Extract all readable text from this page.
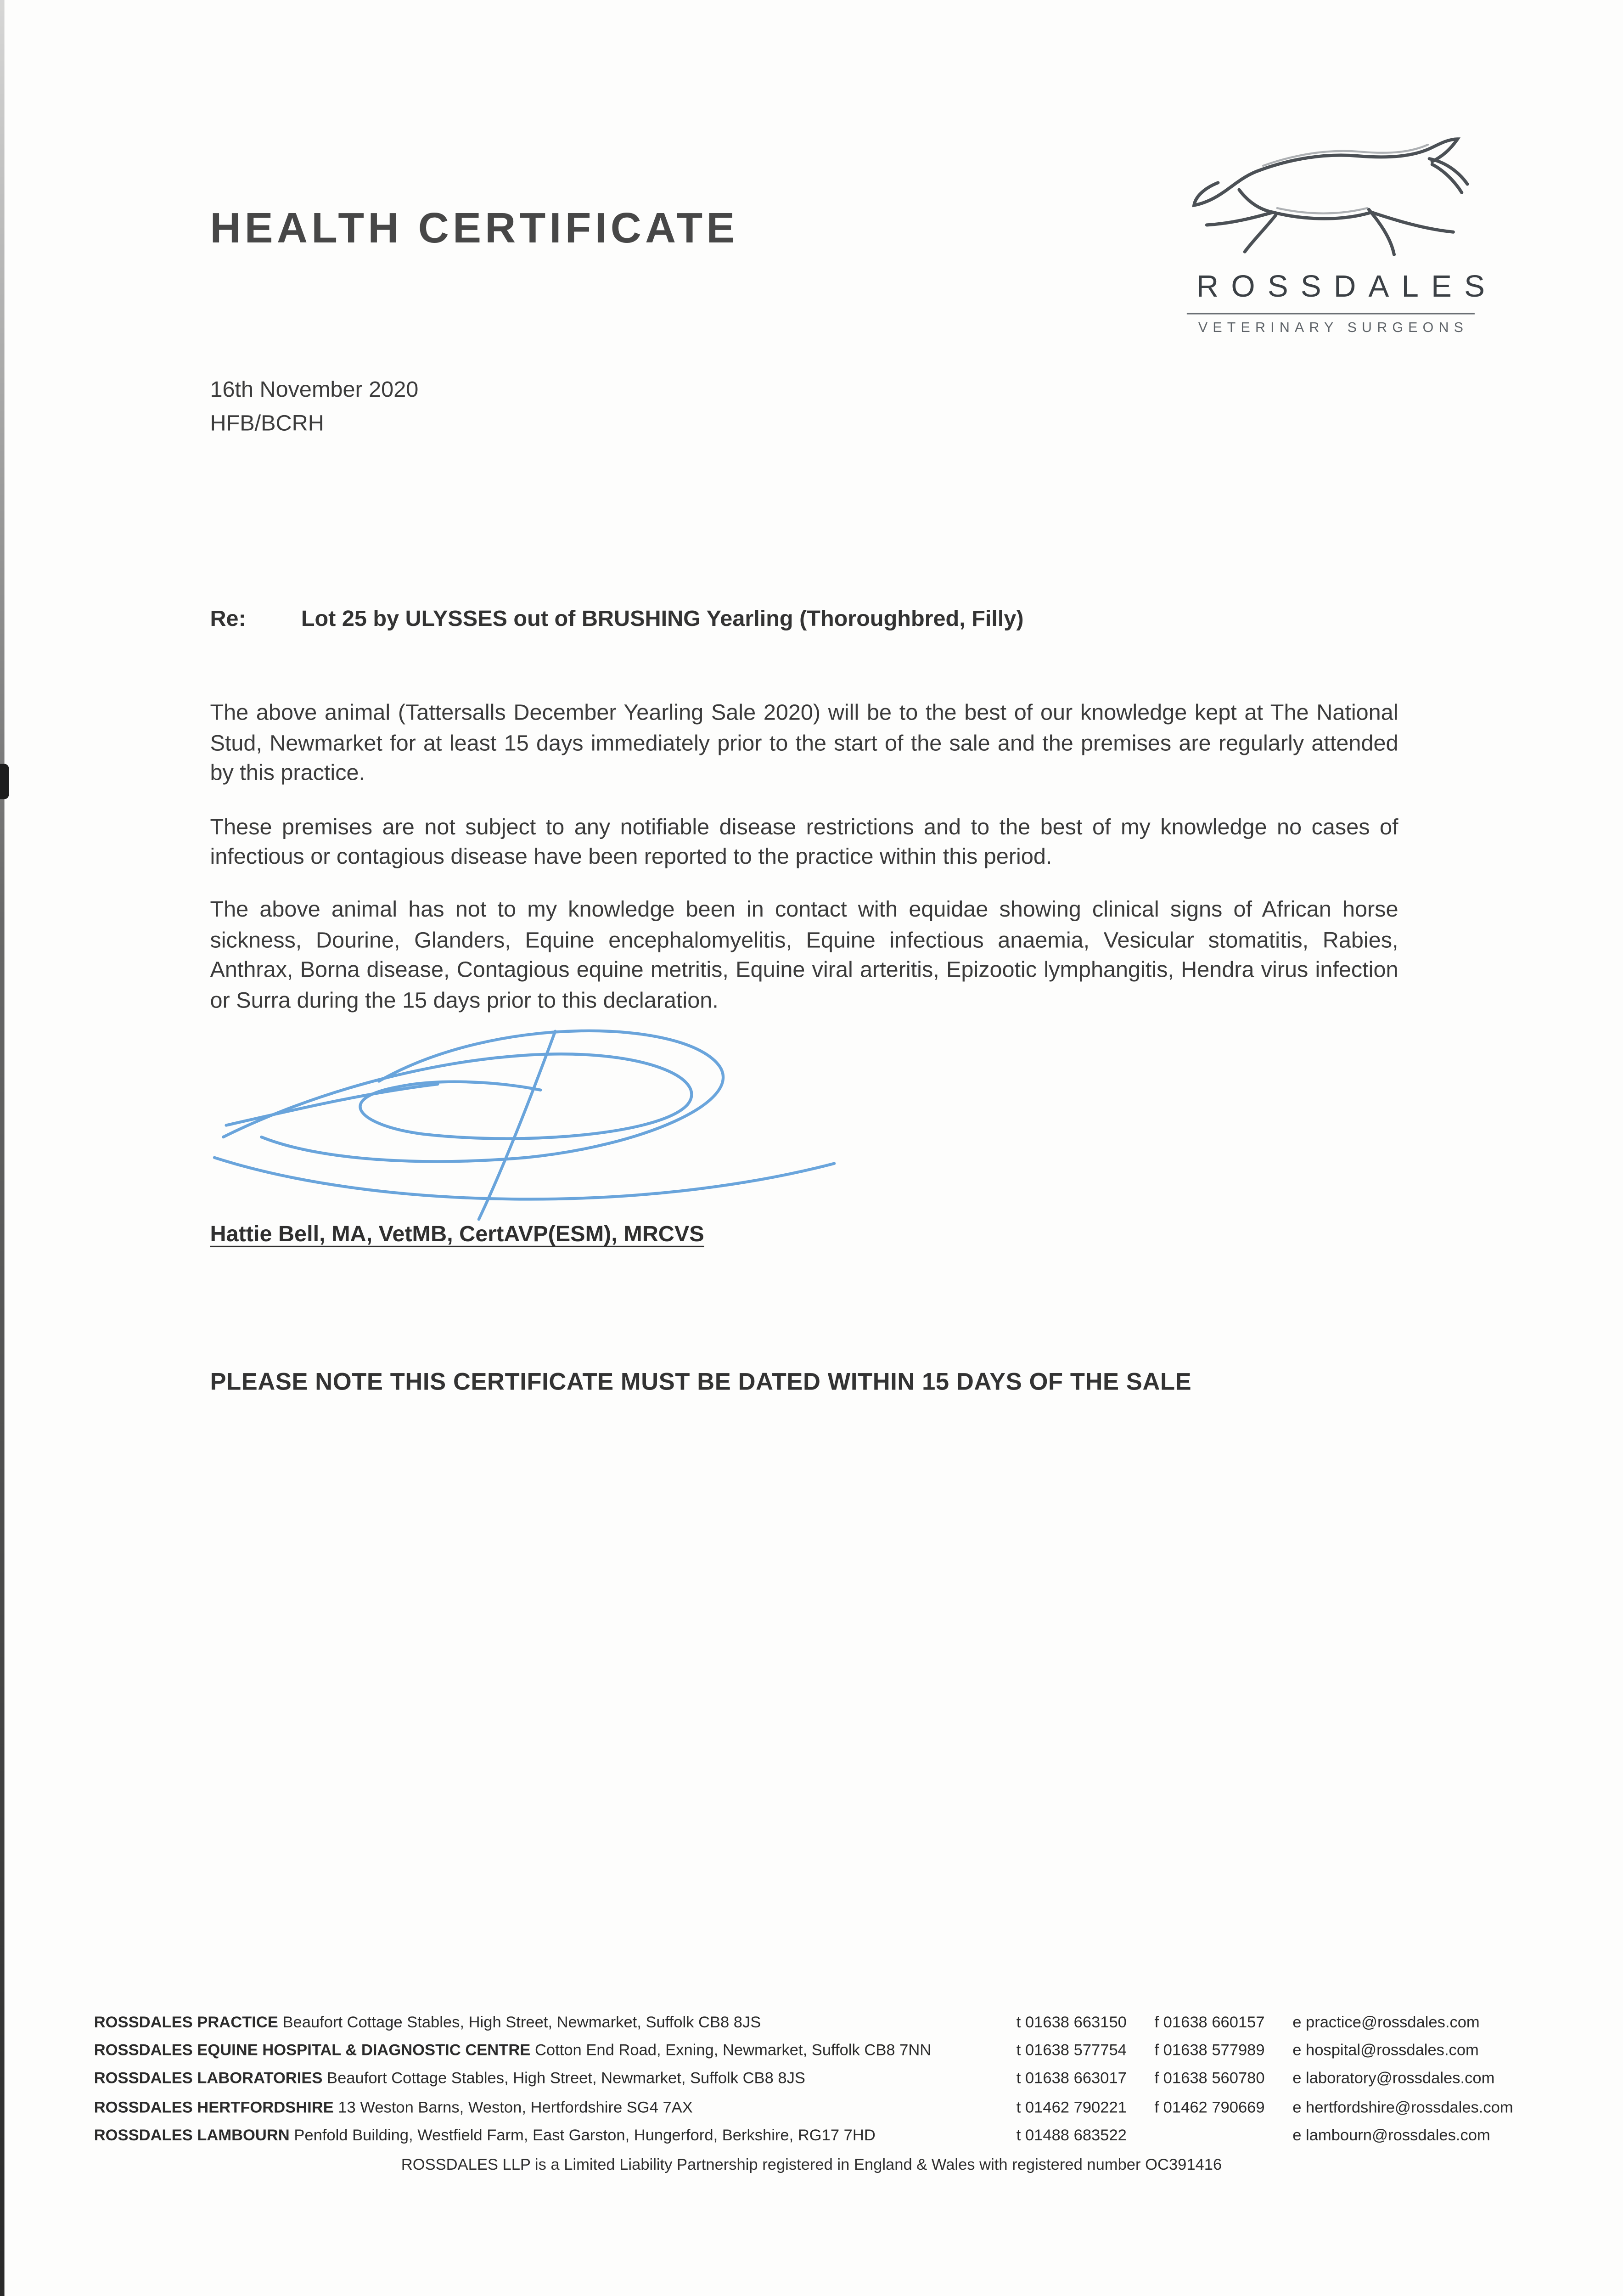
HEALTH CERTIFICATE
ROSSDALES
VETERINARY SURGEONS
16th November 2020
HFB/BCRH
Re:	Lot 25 by ULYSSES out of BRUSHING Yearling (Thoroughbred, Filly)

The above animal (Tattersalls December Yearling Sale 2020) will be to the best of our knowledge kept at The National Stud, Newmarket for at least 15 days immediately prior to the start of the sale and the premises are regularly attended by this practice.

These premises are not subject to any notifiable disease restrictions and to the best of my knowledge no cases of infectious or contagious disease have been reported to the practice within this period.

The above animal has not to my knowledge been in contact with equidae showing clinical signs of African horse sickness, Dourine, Glanders, Equine encephalomyelitis, Equine infectious anaemia, Vesicular stomatitis, Rabies, Anthrax, Borna disease, Contagious equine metritis, Equine viral arteritis, Epizootic lymphangitis, Hendra virus infection or Surra during the 15 days prior to this declaration.

Hattie Bell, MA, VetMB, CertAVP(ESM), MRCVS
PLEASE NOTE THIS CERTIFICATE MUST BE DATED WITHIN 15 DAYS OF THE SALE
ROSSDALES PRACTICE Beaufort Cottage Stables, High Street, Newmarket, Suffolk CB8 8JS	t 01638 663150	f 01638 660157	e practice@rossdales.com
ROSSDALES EQUINE HOSPITAL & DIAGNOSTIC CENTRE Cotton End Road, Exning, Newmarket, Suffolk CB8 7NN	t 01638 577754	f 01638 577989	e hospital@rossdales.com
ROSSDALES LABORATORIES Beaufort Cottage Stables, High Street, Newmarket, Suffolk CB8 8JS	t 01638 663017	f 01638 560780	e laboratory@rossdales.com
ROSSDALES HERTFORDSHIRE 13 Weston Barns, Weston, Hertfordshire SG4 7AX	t 01462 790221	f 01462 790669	e hertfordshire@rossdales.com
ROSSDALES LAMBOURN Penfold Building, Westfield Farm, East Garston, Hungerford, Berkshire, RG17 7HD	t 01488 683522	e lambourn@rossdales.com
ROSSDALES LLP is a Limited Liability Partnership registered in England & Wales with registered number OC391416
